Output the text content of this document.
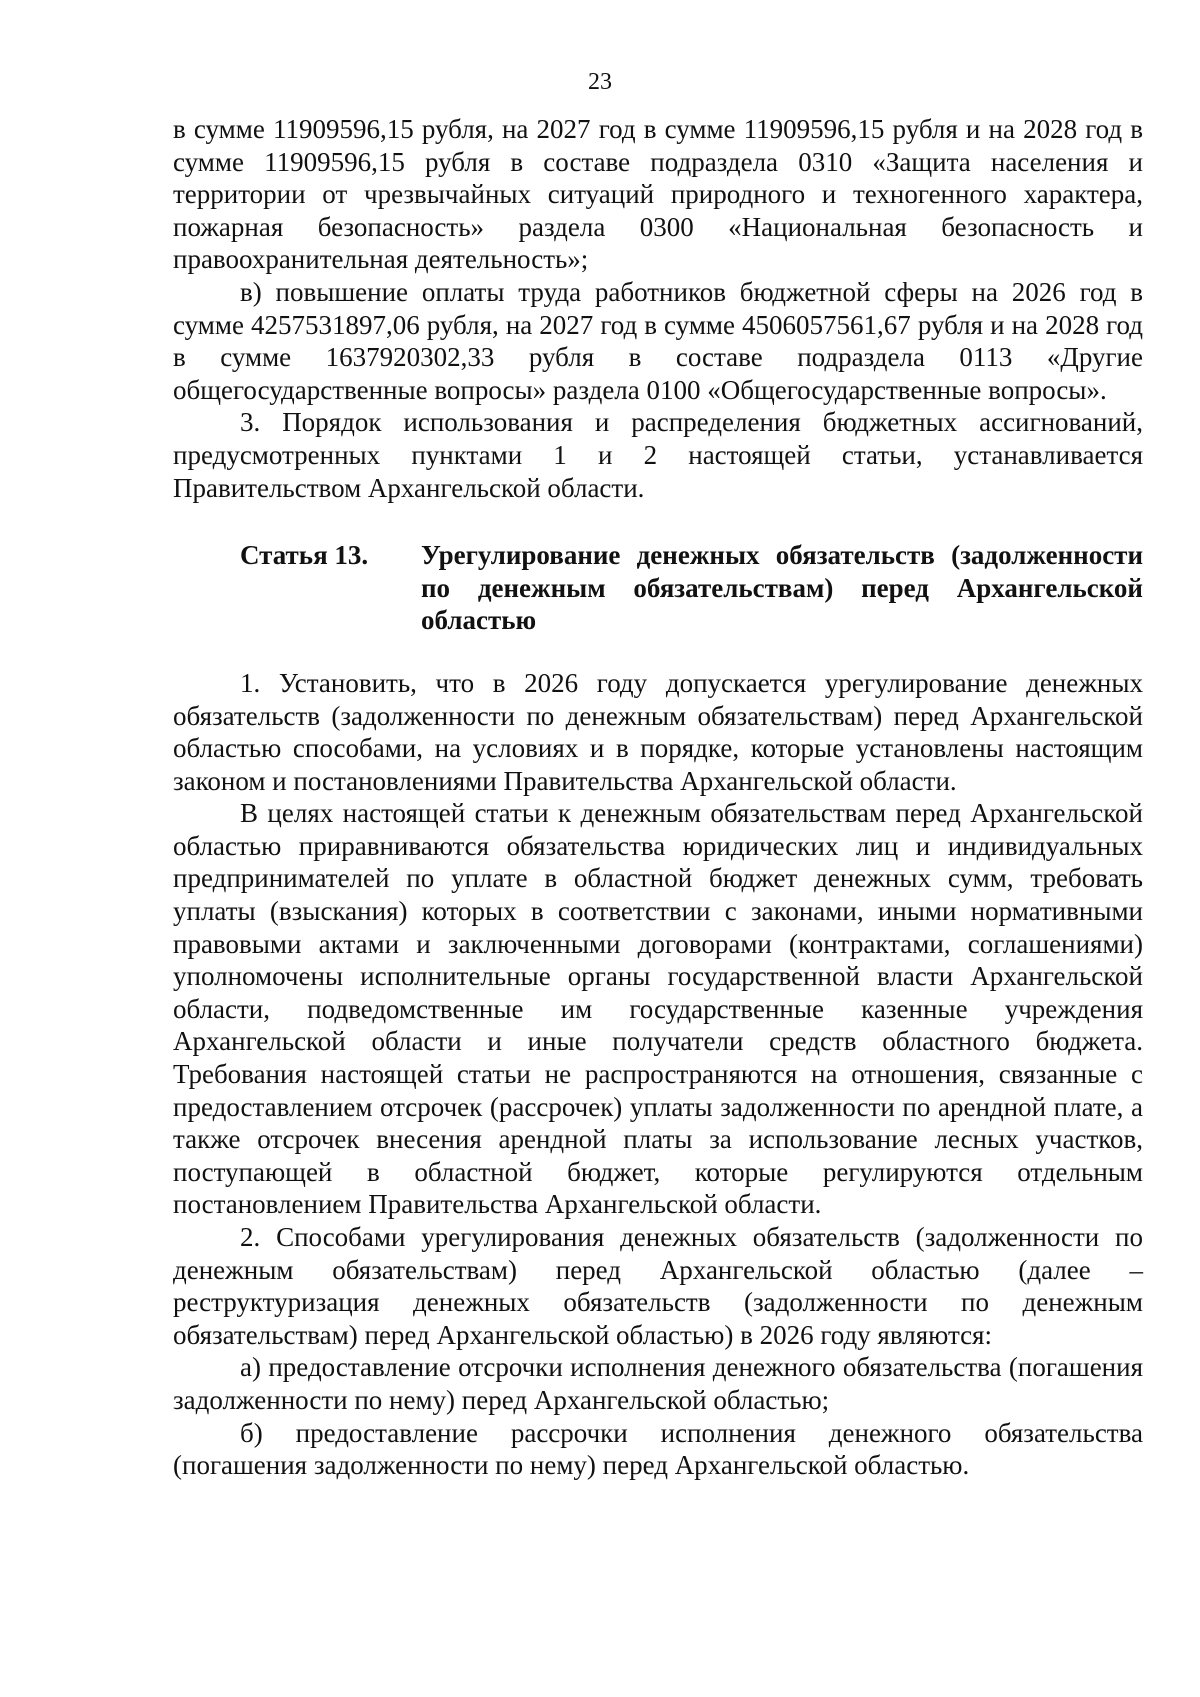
23

в сумме 11909596,15 рубля, на 2027 год в сумме 11909596,15 рубля и на 2028 год в сумме 11909596,15 рубля в составе подраздела 0310 «Защита населения и территории от чрезвычайных ситуаций природного и техногенного характера, пожарная безопасность» раздела 0300 «Национальная безопасность и правоохранительная деятельность»;

в) повышение оплаты труда работников бюджетной сферы на 2026 год в сумме 4257531897,06 рубля, на 2027 год в сумме 4506057561,67 рубля и на 2028 год в сумме 1637920302,33 рубля в составе подраздела 0113 «Другие общегосударственные вопросы» раздела 0100 «Общегосударственные вопросы».

3. Порядок использования и распределения бюджетных ассигнований, предусмотренных пунктами 1 и 2 настоящей статьи, устанавливается Правительством Архангельской области.

Статья 13.	Урегулирование денежных обязательств (задолженности по денежным обязательствам) перед Архангельской областью

1. Установить, что в 2026 году допускается урегулирование денежных обязательств (задолженности по денежным обязательствам) перед Архангельской областью способами, на условиях и в порядке, которые установлены настоящим законом и постановлениями Правительства Архангельской области.

В целях настоящей статьи к денежным обязательствам перед Архангельской областью приравниваются обязательства юридических лиц и индивидуальных предпринимателей по уплате в областной бюджет денежных сумм, требовать уплаты (взыскания) которых в соответствии с законами, иными нормативными правовыми актами и заключенными договорами (контрактами, соглашениями) уполномочены исполнительные органы государственной власти Архангельской области, подведомственные им государственные казенные учреждения Архангельской области и иные получатели средств областного бюджета. Требования настоящей статьи не распространяются на отношения, связанные с предоставлением отсрочек (рассрочек) уплаты задолженности по арендной плате, а также отсрочек внесения арендной платы за использование лесных участков, поступающей в областной бюджет, которые регулируются отдельным постановлением Правительства Архангельской области.

2. Способами урегулирования денежных обязательств (задолженности по денежным обязательствам) перед Архангельской областью (далее – реструктуризация денежных обязательств (задолженности по денежным обязательствам) перед Архангельской областью) в 2026 году являются:

а) предоставление отсрочки исполнения денежного обязательства (погашения задолженности по нему) перед Архангельской областью;

б) предоставление рассрочки исполнения денежного обязательства (погашения задолженности по нему) перед Архангельской областью.
